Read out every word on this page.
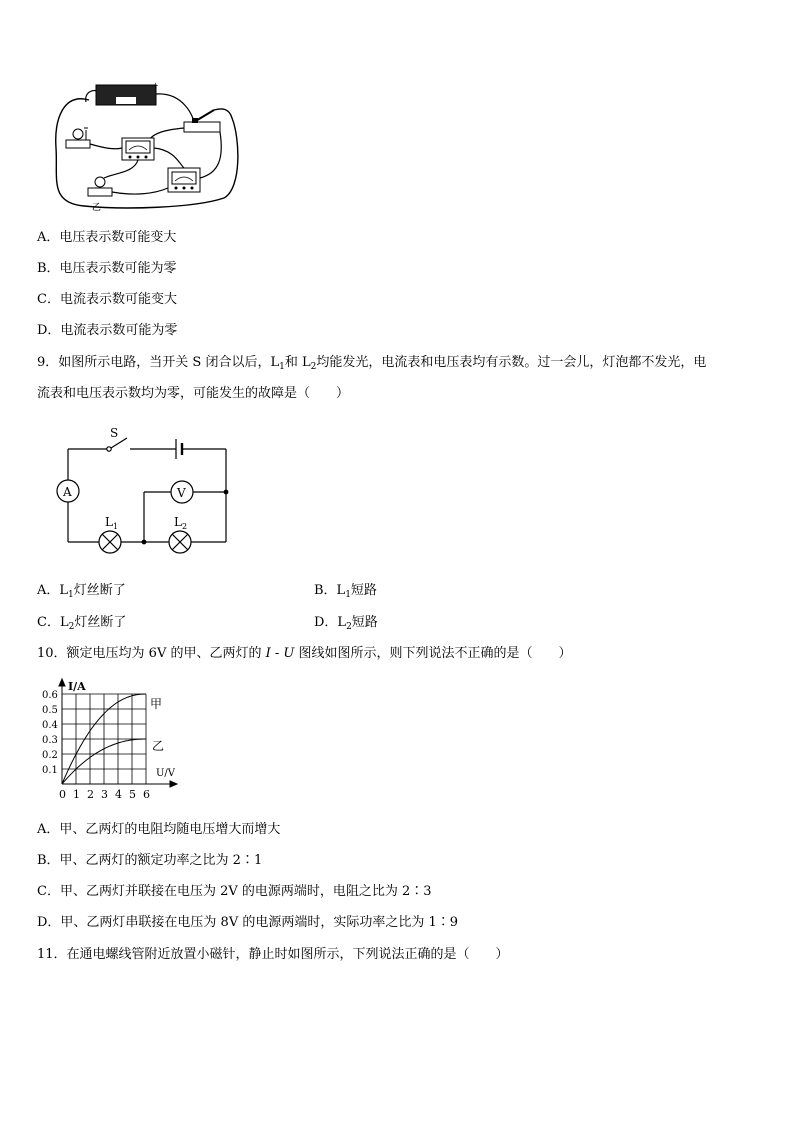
-	+
乙
A．电压表示数可能变大
B．电压表示数可能为零
C．电流表示数可能变大
D．电流表示数可能为零
9．如图所示电路，当开关 S 闭合以后，$L_1$和 $L_2$均能发光，电流表和电压表均有示数。过一会儿，灯泡都不发光，电
流表和电压表示数均为零，可能发生的故障是（　　）
S
A	V
$L_1$	$L_2$
A．$L_1$灯丝断了	B．$L_1$短路
C．$L_2$灯丝断了	D．$L_2$短路
10．额定电压均为 6V 的甲、乙两灯的 I - U 图线如图所示，则下列说法不正确的是（　　）
0 1 2 3 4 5 6
0.1
0.2
0.3
0.4
0.5
0.6
I/A
U/V
甲
乙
A．甲、乙两灯的电阻均随电压增大而增大
B．甲、乙两灯的额定功率之比为 2∶1
C．甲、乙两灯并联接在电压为 2V 的电源两端时，电阻之比为 2∶3
D．甲、乙两灯串联接在电压为 8V 的电源两端时，实际功率之比为 1∶9
11．在通电螺线管附近放置小磁针，静止时如图所示，下列说法正确的是（　　）
